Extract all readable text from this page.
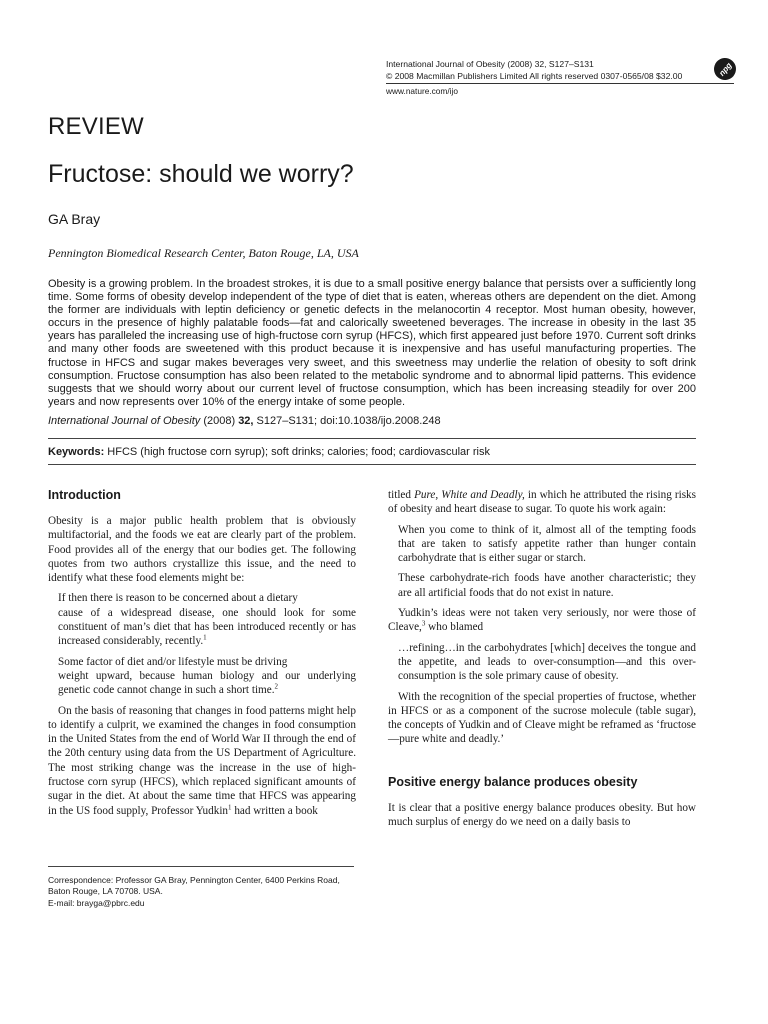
International Journal of Obesity (2008) 32, S127–S131
© 2008 Macmillan Publishers Limited All rights reserved 0307-0565/08 $32.00
www.nature.com/ijo
npg
REVIEW
Fructose: should we worry?
GA Bray
Pennington Biomedical Research Center, Baton Rouge, LA, USA

Obesity is a growing problem. In the broadest strokes, it is due to a small positive energy balance that persists over a sufficiently long time. Some forms of obesity develop independent of the type of diet that is eaten, whereas others are dependent on the diet. Among the former are individuals with leptin deficiency or genetic defects in the melanocortin 4 receptor. Most human obesity, however, occurs in the presence of highly palatable foods—fat and calorically sweetened beverages. The increase in obesity in the last 35 years has paralleled the increasing use of high-fructose corn syrup (HFCS), which first appeared just before 1970. Current soft drinks and many other foods are sweetened with this product because it is inexpensive and has useful manufacturing properties. The fructose in HFCS and sugar makes beverages very sweet, and this sweetness may underlie the relation of obesity to soft drink consumption. Fructose consumption has also been related to the metabolic syndrome and to abnormal lipid patterns. This evidence suggests that we should worry about our current level of fructose consumption, which has been increasing steadily for over 200 years and now represents over 10% of the energy intake of some people.

International Journal of Obesity (2008) 32, S127–S131; doi:10.1038/ijo.2008.248
Keywords: HFCS (high fructose corn syrup); soft drinks; calories; food; cardiovascular risk
Introduction

Obesity is a major public health problem that is obviously multifactorial, and the foods we eat are clearly part of the problem. Food provides all of the energy that our bodies get. The following quotes from two authors crystallize this issue, and the need to identify what these food elements might be:

If then there is reason to be concerned about a dietary
cause of a widespread disease, one should look for some constituent of man’s diet that has been introduced recently or has increased considerably, recently.$^1$
Some factor of diet and/or lifestyle must be driving
weight upward, because human biology and our underlying genetic code cannot change in such a short time.$^2$

On the basis of reasoning that changes in food patterns might help to identify a culprit, we examined the changes in food consumption in the United States from the end of World War II through the end of the 20th century using data from the US Department of Agriculture. The most striking change was the increase in the use of high-fructose corn syrup (HFCS), which replaced significant amounts of sugar in the diet. At about the same time that HFCS was appearing in the US food supply, Professor Yudkin$^1$ had written a book

titled Pure, White and Deadly, in which he attributed the rising risks of obesity and heart disease to sugar. To quote his work again:

When you come to think of it, almost all of the tempting foods that are taken to satisfy appetite rather than hunger contain carbohydrate that is either sugar or starch.

These carbohydrate-rich foods have another characteristic; they are all artificial foods that do not exist in nature.

Yudkin’s ideas were not taken very seriously, nor were those of Cleave,$^3$ who blamed

…refining…in the carbohydrates [which] deceives the tongue and the appetite, and leads to over-consumption—and this over-consumption is the sole primary cause of obesity.

With the recognition of the special properties of fructose, whether in HFCS or as a component of the sucrose molecule (table sugar), the concepts of Yudkin and of Cleave might be reframed as ‘fructose—pure white and deadly.’

Positive energy balance produces obesity

It is clear that a positive energy balance produces obesity. But how much surplus of energy do we need on a daily basis to

Correspondence: Professor GA Bray, Pennington Center, 6400 Perkins Road,
Baton Rouge, LA 70708. USA.
E-mail: brayga@pbrc.edu
